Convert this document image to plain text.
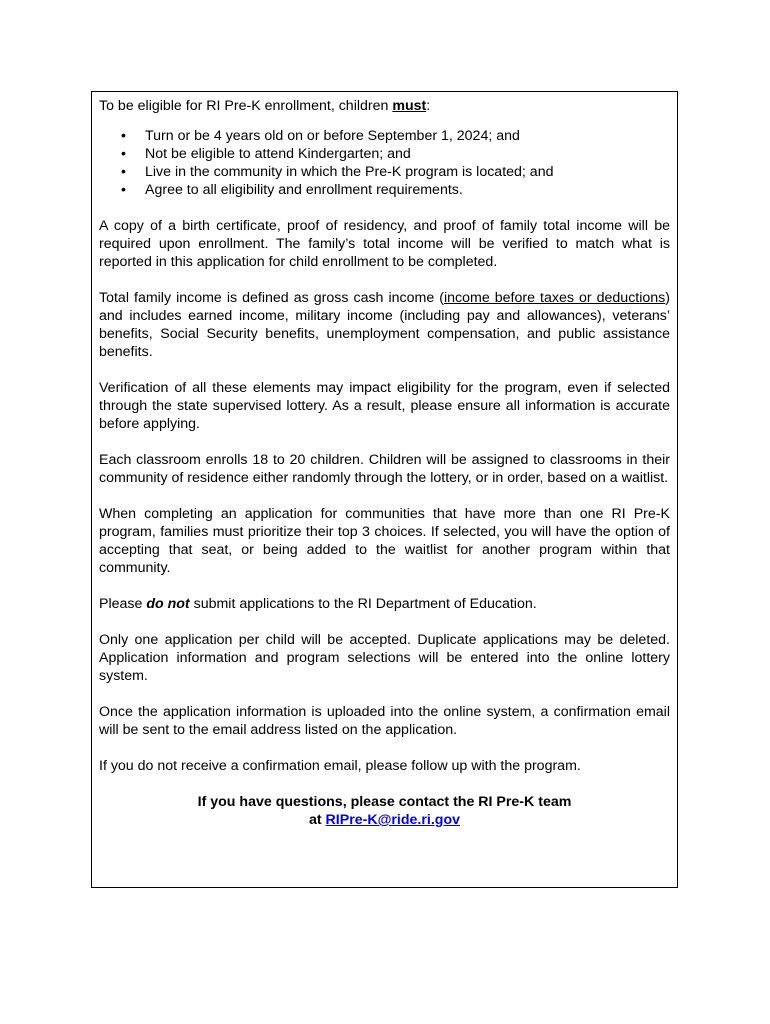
To be eligible for RI Pre-K enrollment, children must:

• Turn or be 4 years old on or before September 1, 2024; and
• Not be eligible to attend Kindergarten; and
• Live in the community in which the Pre-K program is located; and
• Agree to all eligibility and enrollment requirements.

A copy of a birth certificate, proof of residency, and proof of family total income will be required upon enrollment. The family’s total income will be verified to match what is reported in this application for child enrollment to be completed.

Total family income is defined as gross cash income (income before taxes or deductions) and includes earned income, military income (including pay and allowances), veterans’ benefits, Social Security benefits, unemployment compensation, and public assistance benefits.

Verification of all these elements may impact eligibility for the program, even if selected through the state supervised lottery. As a result, please ensure all information is accurate before applying.

Each classroom enrolls 18 to 20 children. Children will be assigned to classrooms in their community of residence either randomly through the lottery, or in order, based on a waitlist.

When completing an application for communities that have more than one RI Pre-K program, families must prioritize their top 3 choices. If selected, you will have the option of accepting that seat, or being added to the waitlist for another program within that community.

Please do not submit applications to the RI Department of Education.

Only one application per child will be accepted. Duplicate applications may be deleted. Application information and program selections will be entered into the online lottery system.

Once the application information is uploaded into the online system, a confirmation email will be sent to the email address listed on the application.

If you do not receive a confirmation email, please follow up with the program.

If you have questions, please contact the RI Pre-K team

at RIPre-K@ride.ri.gov
